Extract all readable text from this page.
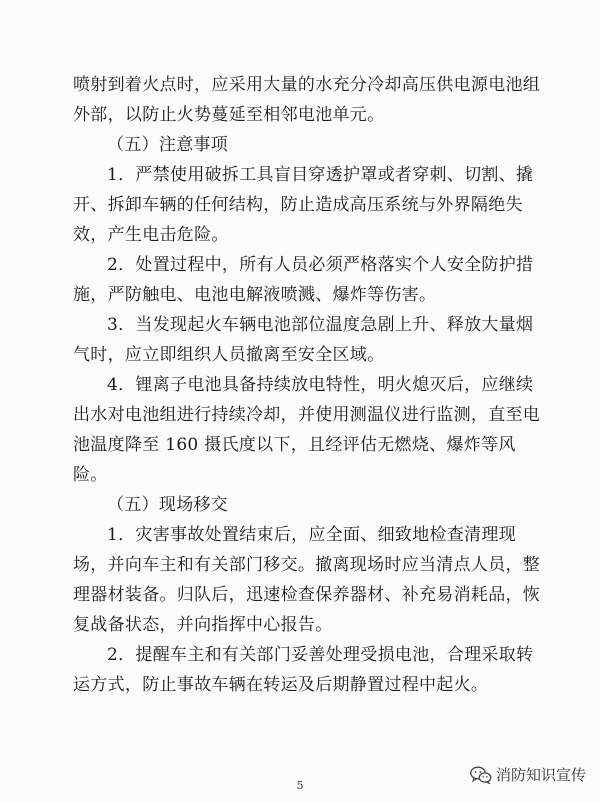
喷射到着火点时，应采用大量的水充分冷却高压供电源电池组外部，以防止火势蔓延至相邻电池单元。

（五）注意事项

1．严禁使用破拆工具盲目穿透护罩或者穿刺、切割、撬开、拆卸车辆的任何结构，防止造成高压系统与外界隔绝失效，产生电击危险。

2．处置过程中，所有人员必须严格落实个人安全防护措施，严防触电、电池电解液喷溅、爆炸等伤害。

3．当发现起火车辆电池部位温度急剧上升、释放大量烟气时，应立即组织人员撤离至安全区域。

4．锂离子电池具备持续放电特性，明火熄灭后，应继续出水对电池组进行持续冷却，并使用测温仪进行监测，直至电池温度降至 160 摄氏度以下，且经评估无燃烧、爆炸等风险。

（五）现场移交

1．灾害事故处置结束后，应全面、细致地检查清理现场，并向车主和有关部门移交。撤离现场时应当清点人员，整理器材装备。归队后，迅速检查保养器材、补充易消耗品，恢复战备状态，并向指挥中心报告。

2．提醒车主和有关部门妥善处理受损电池，合理采取转运方式，防止事故车辆在转运及后期静置过程中起火。

5
消防知识宣传
